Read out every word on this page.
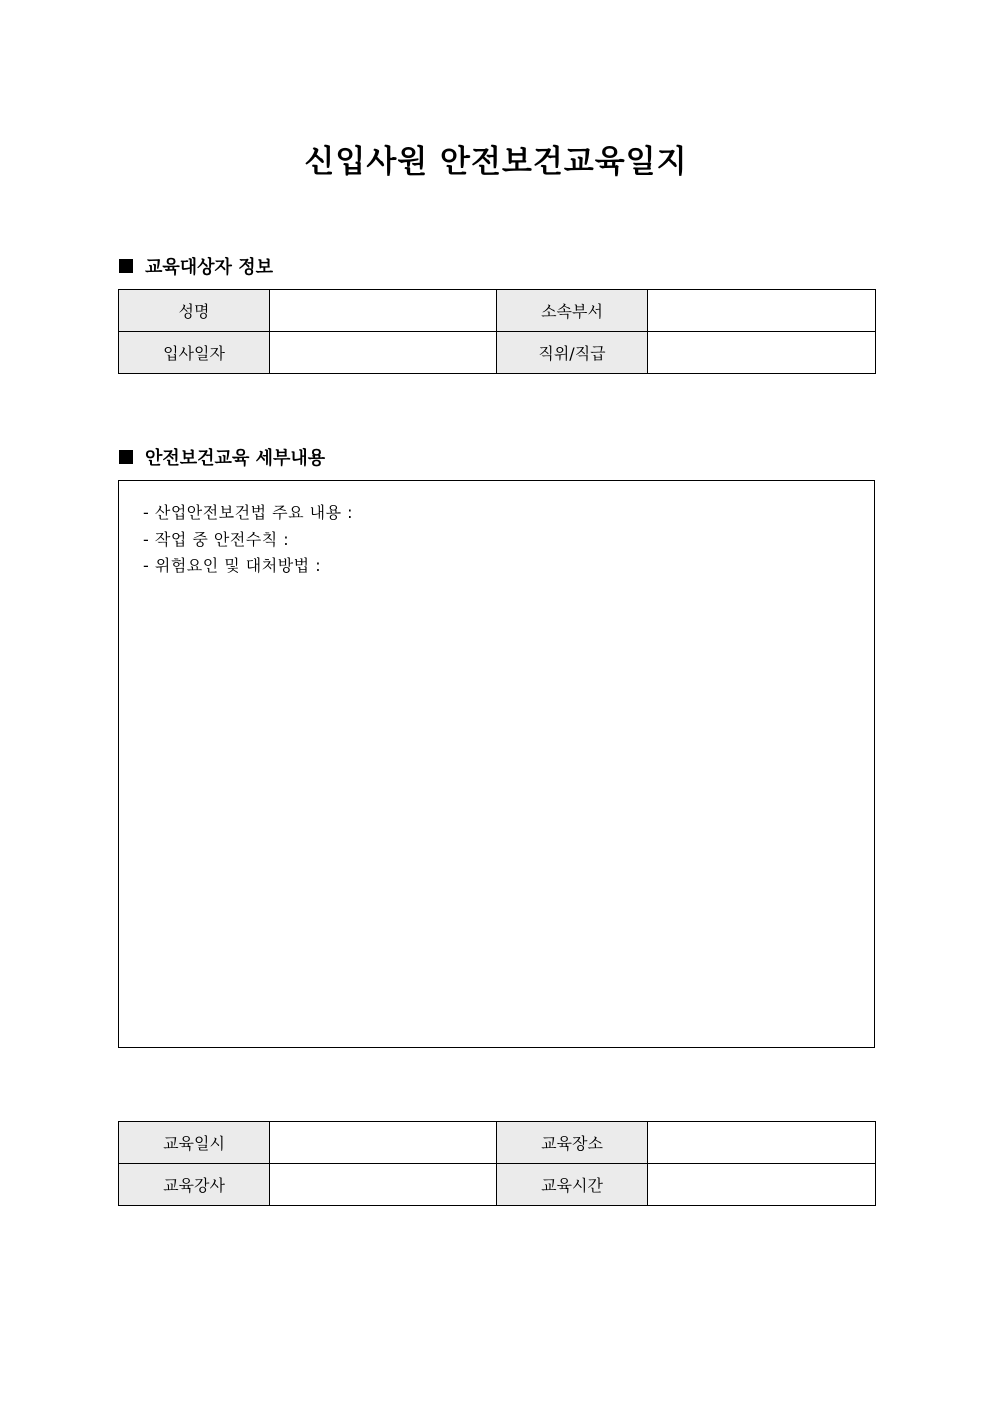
신입사원 안전보건교육일지
교육대상자 정보
성명		소속부서	
입사일자		직위/직급	
안전보건교육 세부내용
- 산업안전보건법 주요 내용 :
- 작업 중 안전수칙 :
- 위험요인 및 대처방법 :
교육일시		교육장소	
교육강사		교육시간	
